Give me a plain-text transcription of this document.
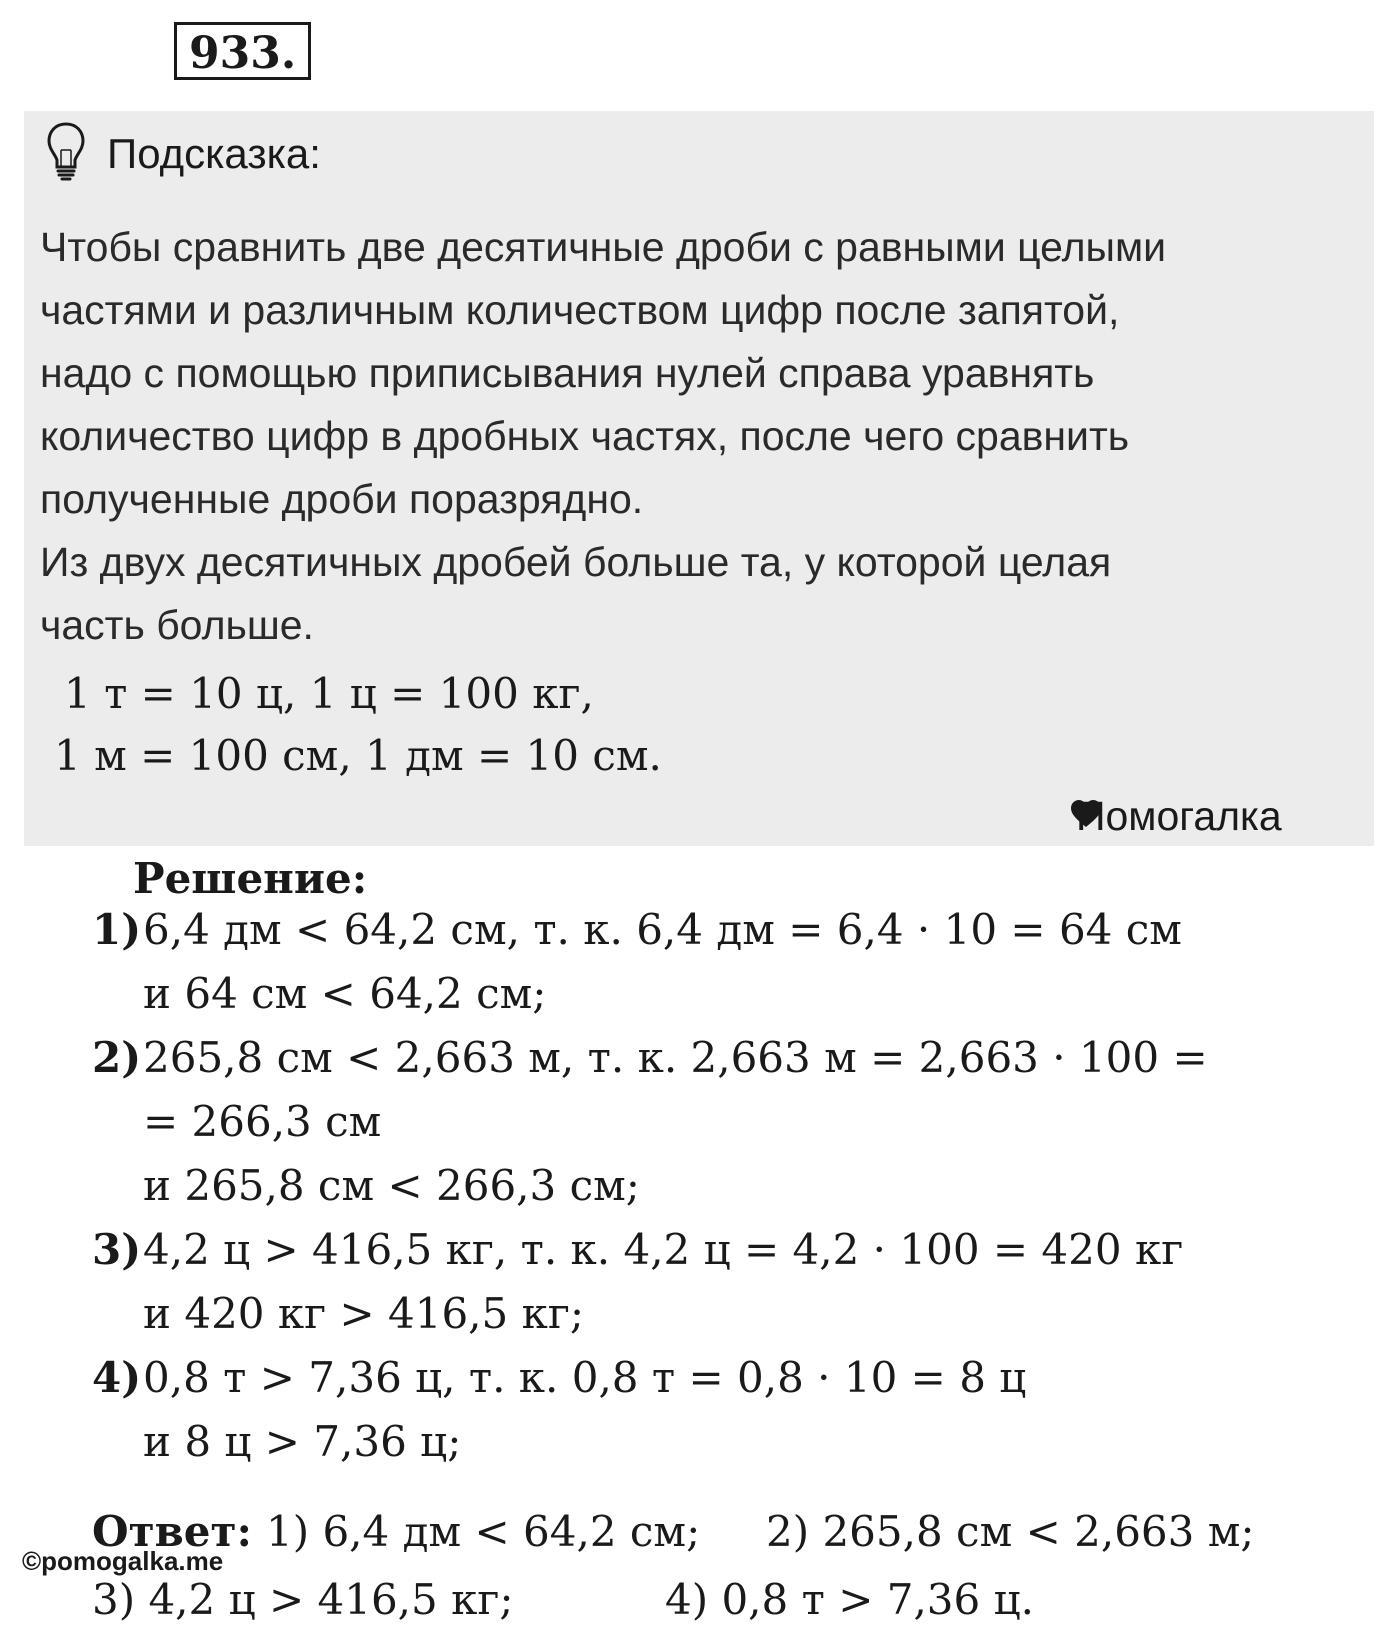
933.
Подсказка:
Чтобы сравнить две десятичные дроби с равными целыми
частями и различным количеством цифр после запятой,
надо с помощью приписывания нулей справа уравнять
количество цифр в дробных частях, после чего сравнить
полученные дроби поразрядно.
Из двух десятичных дробей больше та, у которой целая
часть больше.
1 т = 10 ц, 1 ц = 100 кг,
1 м = 100 см, 1 дм = 10 см.
Помогалка
Решение:
1) 6,4 дм < 64,2 см, т. к. 6,4 дм = 6,4 · 10 = 64 см
и 64 см < 64,2 см;
2) 265,8 см < 2,663 м, т. к. 2,663 м = 2,663 · 100 =
= 266,3 см
и 265,8 см < 266,3 см;
3) 4,2 ц > 416,5 кг, т. к. 4,2 ц = 4,2 · 100 = 420 кг
и 420 кг > 416,5 кг;
4) 0,8 т > 7,36 ц, т. к. 0,8 т = 0,8 · 10 = 8 ц
и 8 ц > 7,36 ц;
Ответ: 1) 6,4 дм < 64,2 см; 2) 265,8 см < 2,663 м;
©pomogalka.me
3) 4,2 ц > 416,5 кг;	4) 0,8 т > 7,36 ц.
